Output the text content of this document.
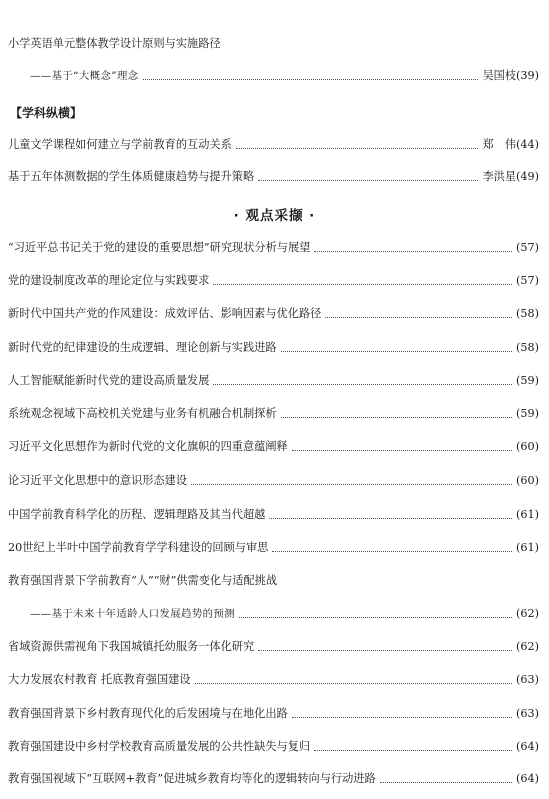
小学英语单元整体教学设计原则与实施路径
——基于“大概念”理念	吴国枝(39)
【学科纵横】
儿童文学课程如何建立与学前教育的互动关系	郑　伟(44)
基于五年体测数据的学生体质健康趋势与提升策略	李洪星(49)
· 观点采撷 ·
“习近平总书记关于党的建设的重要思想”研究现状分析与展望	(57)
党的建设制度改革的理论定位与实践要求	(57)
新时代中国共产党的作风建设：成效评估、影响因素与优化路径	(58)
新时代党的纪律建设的生成逻辑、理论创新与实践进路	(58)
人工智能赋能新时代党的建设高质量发展	(59)
系统观念视域下高校机关党建与业务有机融合机制探析	(59)
习近平文化思想作为新时代党的文化旗帜的四重意蕴阐释	(60)
论习近平文化思想中的意识形态建设	(60)
中国学前教育科学化的历程、逻辑理路及其当代超越	(61)
20世纪上半叶中国学前教育学学科建设的回顾与审思	(61)
教育强国背景下学前教育“人”“财”供需变化与适配挑战
——基于未来十年适龄人口发展趋势的预测	(62)
省域资源供需视角下我国城镇托幼服务一体化研究	(62)
大力发展农村教育 托底教育强国建设	(63)
教育强国背景下乡村教育现代化的后发困境与在地化出路	(63)
教育强国建设中乡村学校教育高质量发展的公共性缺失与复归	(64)
教育强国视域下“互联网+教育”促进城乡教育均等化的逻辑转向与行动进路	(64)
